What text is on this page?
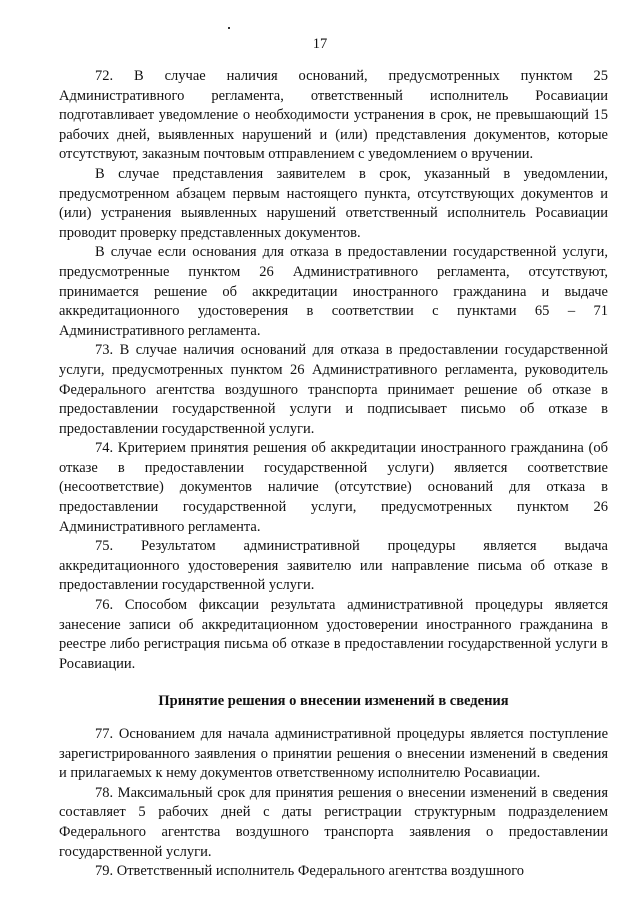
17

72. В случае наличия оснований, предусмотренных пунктом 25 Административного регламента, ответственный исполнитель Росавиации подготавливает уведомление о необходимости устранения в срок, не превышающий 15 рабочих дней, выявленных нарушений и (или) представления документов, которые отсутствуют, заказным почтовым отправлением с уведомлением о вручении.

В случае представления заявителем в срок, указанный в уведомлении, предусмотренном абзацем первым настоящего пункта, отсутствующих документов и (или) устранения выявленных нарушений ответственный исполнитель Росавиации проводит проверку представленных документов.

В случае если основания для отказа в предоставлении государственной услуги, предусмотренные пунктом 26 Административного регламента, отсутствуют, принимается решение об аккредитации иностранного гражданина и выдаче аккредитационного удостоверения в соответствии с пунктами 65 – 71 Административного регламента.

73. В случае наличия оснований для отказа в предоставлении государственной услуги, предусмотренных пунктом 26 Административного регламента, руководитель Федерального агентства воздушного транспорта принимает решение об отказе в предоставлении государственной услуги и подписывает письмо об отказе в предоставлении государственной услуги.

74. Критерием принятия решения об аккредитации иностранного гражданина (об отказе в предоставлении государственной услуги) является соответствие (несоответствие) документов наличие (отсутствие) оснований для отказа в предоставлении государственной услуги, предусмотренных пунктом 26 Административного регламента.

75. Результатом административной процедуры является выдача аккредитационного удостоверения заявителю или направление письма об отказе в предоставлении государственной услуги.

76. Способом фиксации результата административной процедуры является занесение записи об аккредитационном удостоверении иностранного гражданина в реестре либо регистрация письма об отказе в предоставлении государственной услуги в Росавиации.

Принятие решения о внесении изменений в сведения

77. Основанием для начала административной процедуры является поступление зарегистрированного заявления о принятии решения о внесении изменений в сведения и прилагаемых к нему документов ответственному исполнителю Росавиации.

78. Максимальный срок для принятия решения о внесении изменений в сведения составляет 5 рабочих дней с даты регистрации структурным подразделением Федерального агентства воздушного транспорта заявления о предоставлении государственной услуги.

79. Ответственный исполнитель Федерального агентства воздушного
